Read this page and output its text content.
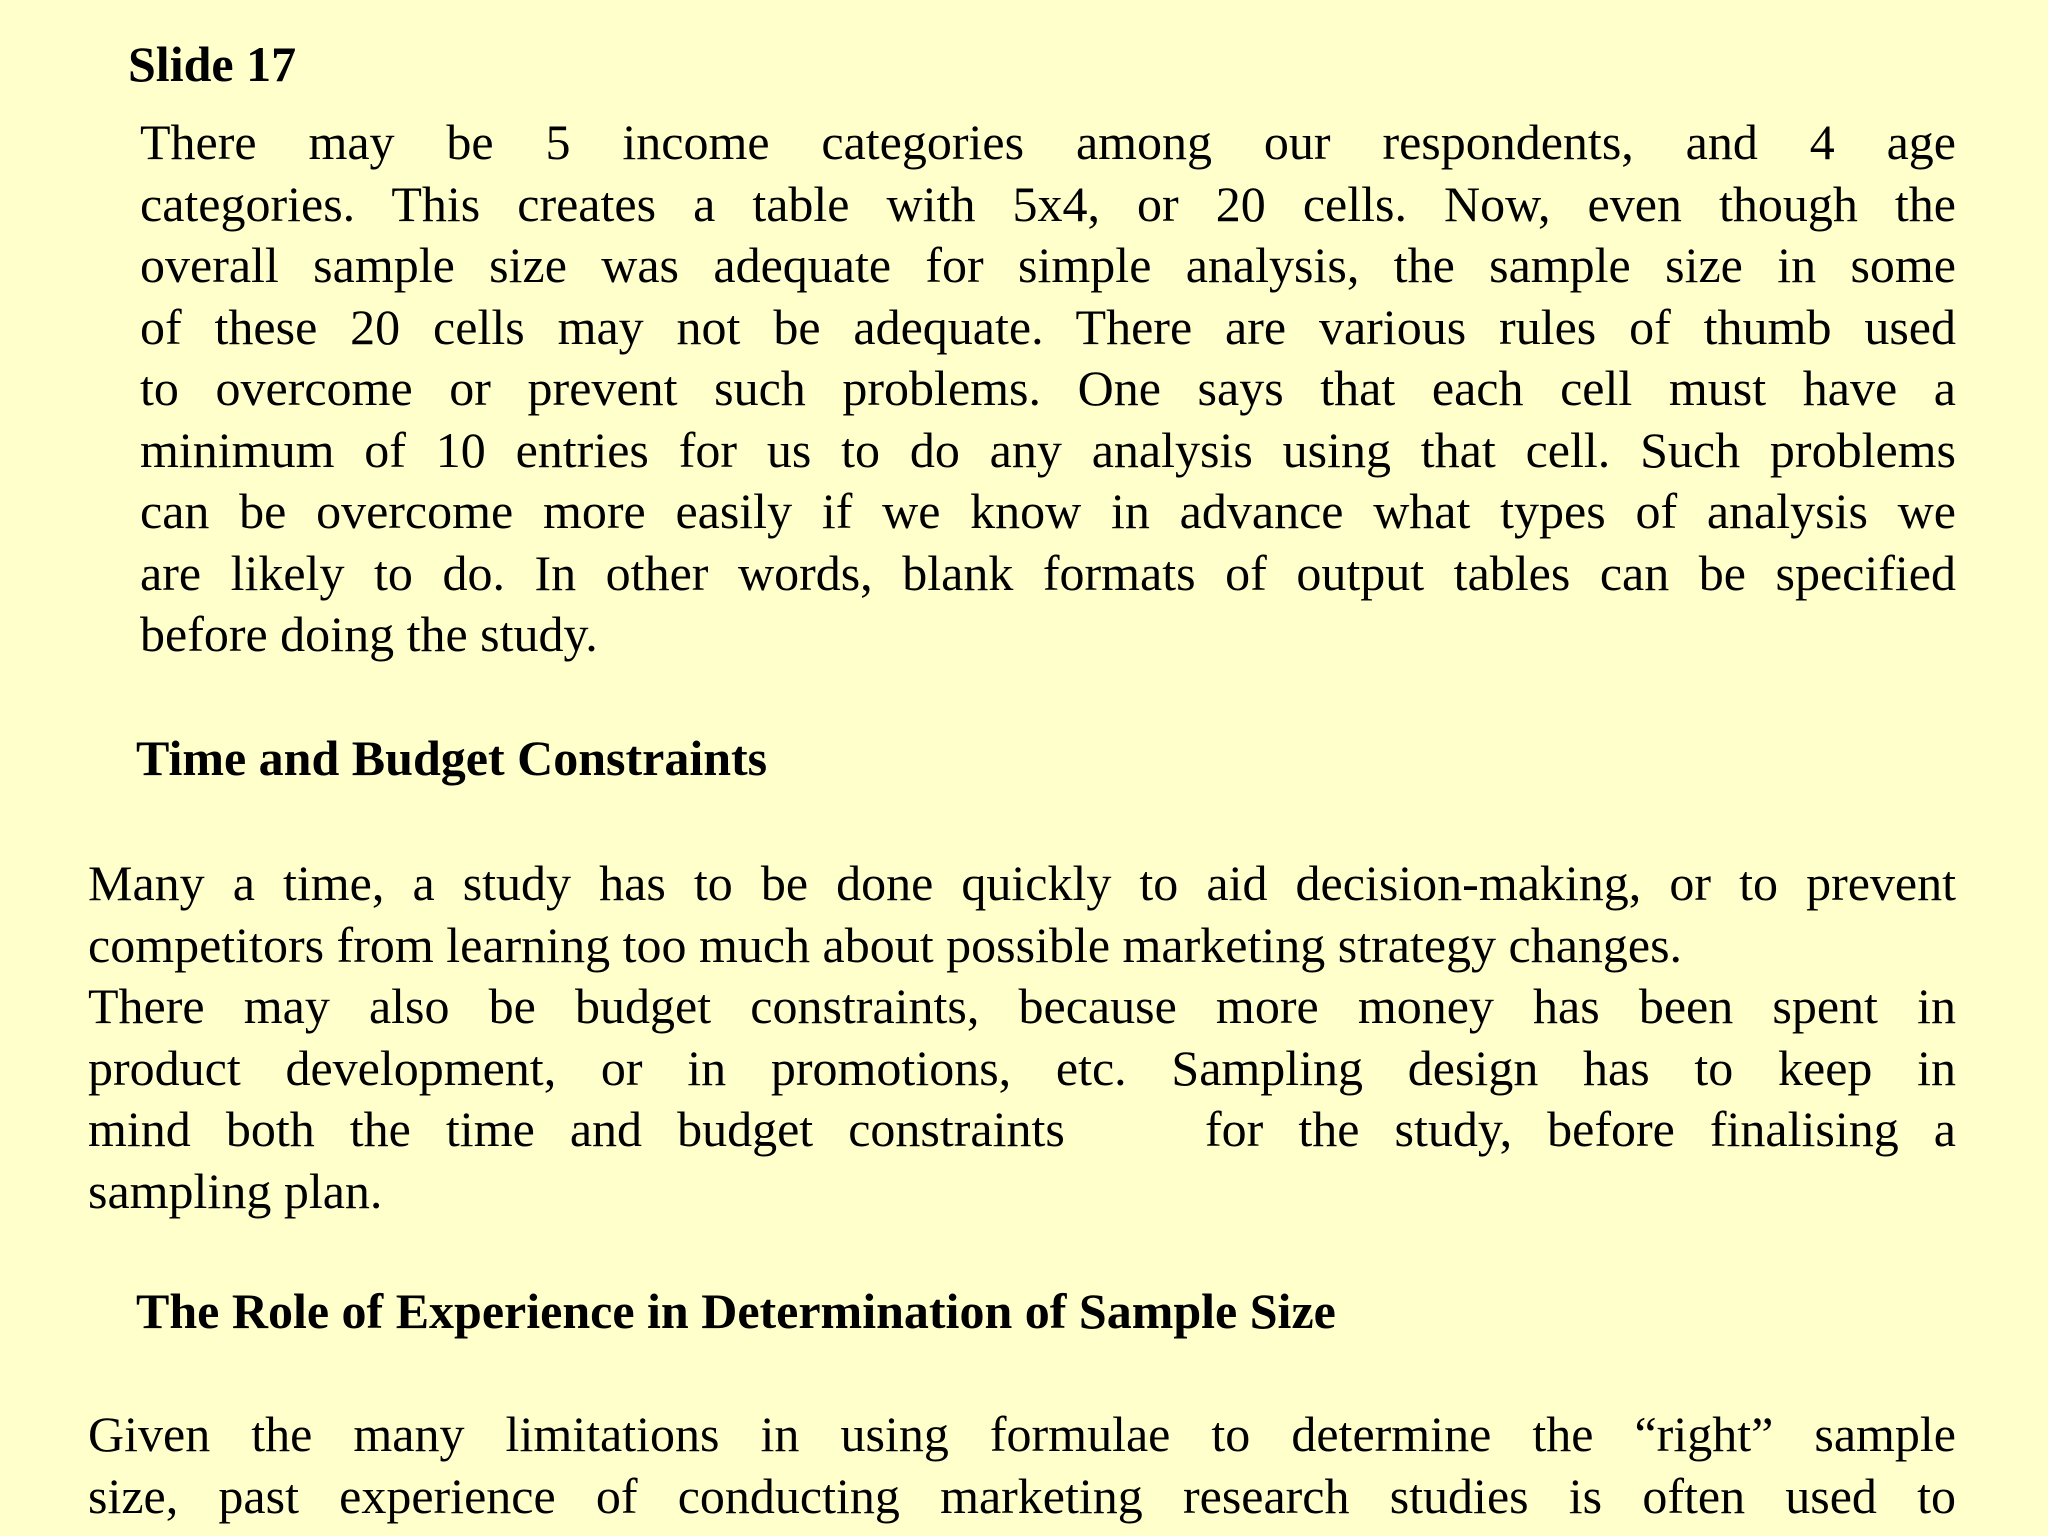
Slide 17

There may be 5 income categories among our respondents, and 4 age
categories. This creates a table with 5x4, or 20 cells. Now, even though the
overall sample size was adequate for simple analysis, the sample size in some
of these 20 cells may not be adequate. There are various rules of thumb used
to overcome or prevent such problems. One says that each cell must have a
minimum of 10 entries for us to do any analysis using that cell. Such problems
can be overcome more easily if we know in advance what types of analysis we
are likely to do. In other words, blank formats of output tables can be specified
before doing the study.

Time and Budget Constraints

Many a time, a study has to be done quickly to aid decision-making, or to prevent
competitors from learning too much about possible marketing strategy changes.
There may also be budget constraints, because more money has been spent in
product development, or in promotions, etc. Sampling design has to keep in
mind both the time and budget constraints    for the study, before finalising a
sampling plan.

The Role of Experience in Determination of Sample Size

Given the many limitations in using formulae to determine the “right” sample
size, past experience of conducting marketing research studies is often used to
